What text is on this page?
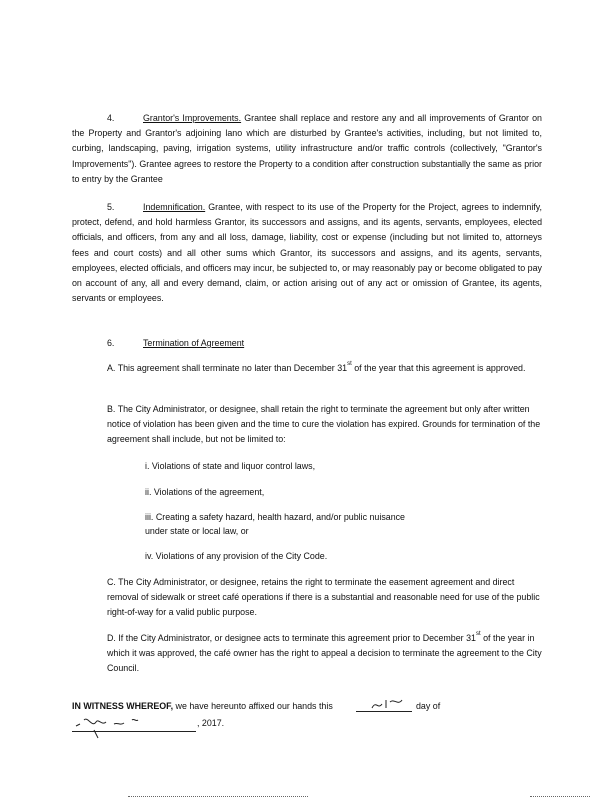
4.	Grantor's Improvements. Grantee shall replace and restore any and all improvements of Grantor on the Property and Grantor's adjoining lano which are disturbed by Grantee's activities, including, but not limited to, curbing, landscaping, paving, irrigation systems, utility infrastructure and/or traffic controls (collectively, "Grantor's Improvements"). Grantee agrees to restore the Property to a condition after construction substantially the same as prior to entry by the Grantee
5.	Indemnification. Grantee, with respect to its use of the Property for the Project, agrees to indemnify, protect, defend, and hold harmless Grantor, its successors and assigns, and its agents, servants, employees, elected officials, and officers, from any and all loss, damage, liability, cost or expense (including but not limited to, attorneys fees and court costs) and all other sums which Grantor, its successors and assigns, and its agents, servants, employees, elected officials, and officers may incur, be subjected to, or may reasonably pay or become obligated to pay on account of any, all and every demand, claim, or action arising out of any act or omission of Grantee, its agents, servants or employees.
6.	Termination of Agreement
A. This agreement shall terminate no later than December 31st of the year that this agreement is approved.
B. The City Administrator, or designee, shall retain the right to terminate the agreement but only after written notice of violation has been given and the time to cure the violation has expired. Grounds for termination of the agreement shall include, but not be limited to:
i. Violations of state and liquor control laws,
ii. Violations of the agreement,
iii. Creating a safety hazard, health hazard, and/or public nuisance
under state or local law, or
iv. Violations of any provision of the City Code.
C. The City Administrator, or designee, retains the right to terminate the easement agreement and direct removal of sidewalk or street café operations if there is a substantial and reasonable need for use of the public right-of-way for a valid public purpose.
D. If the City Administrator, or designee acts to terminate this agreement prior to December 31st of the year in which it was approved, the café owner has the right to appeal a decision to terminate the agreement to the City Council.
IN WITNESS WHEREOF, we have hereunto affixed our hands this	day of
, 2017.
